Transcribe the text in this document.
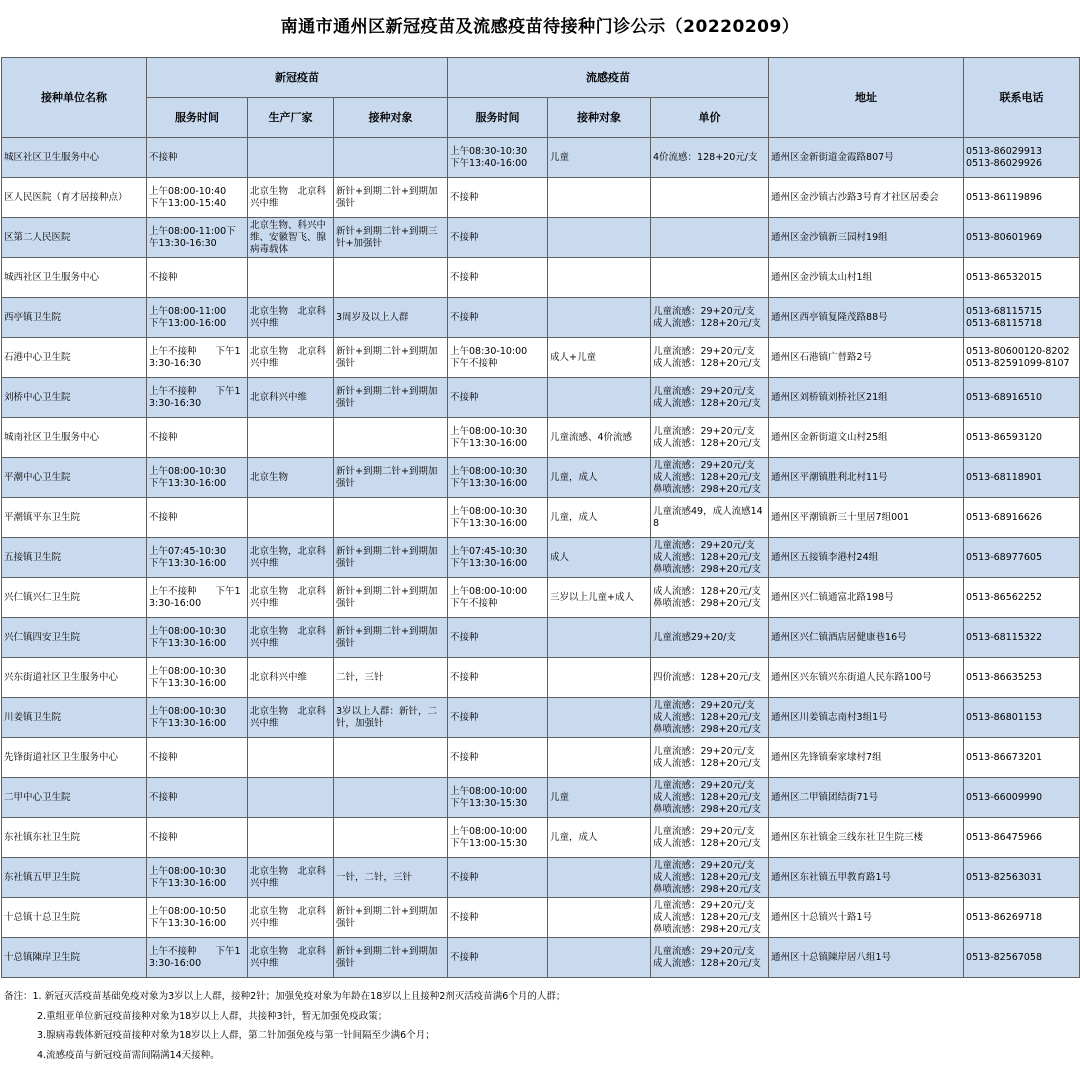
南通市通州区新冠疫苗及流感疫苗待接种门诊公示（20220209）
接种单位名称	新冠疫苗			流感疫苗			地址	联系电话
	服务时间	生产厂家	接种对象	服务时间	接种对象	单价		
城区社区卫生服务中心	不接种			上午08:30-10:30
下午13:40-16:00	儿童	4价流感：128+20元/支	通州区金新街道金霞路807号	0513-86029913
0513-86029926
区人民医院（育才居接种点）	上午08:00-10:40
下午13:00-15:40	北京生物　北京科兴中维	新针+到期二针+到期加强针	不接种			通州区金沙镇古沙路3号育才社区居委会	0513-86119896
区第二人民医院	上午08:00-11:00下午13:30-16:30	北京生物、科兴中维、安徽智飞、腺病毒载体	新针+到期二针+到期三针+加强针	不接种			通州区金沙镇新三园村19组	0513-80601969
城西社区卫生服务中心	不接种			不接种			通州区金沙镇太山村1组	0513-86532015
西亭镇卫生院	上午08:00-11:00
下午13:00-16:00	北京生物　北京科兴中维	3周岁及以上人群	不接种		儿童流感：29+20元/支
成人流感：128+20元/支	通州区西亭镇复隆茂路88号	0513-68115715
0513-68115718
石港中心卫生院	上午不接种　　下午13:30-16:30	北京生物　北京科兴中维	新针+到期二针+到期加强针	上午08:30-10:00
下午不接种	成人+儿童	儿童流感：29+20元/支
成人流感：128+20元/支	通州区石港镇广替路2号	0513-80600120-8202
0513-82591099-8107
刘桥中心卫生院	上午不接种　　下午13:30-16:30	北京科兴中维	新针+到期二针+到期加强针	不接种		儿童流感：29+20元/支
成人流感：128+20元/支	通州区刘桥镇刘桥社区21组	0513-68916510
城南社区卫生服务中心	不接种			上午08:00-10:30
下午13:30-16:00	儿童流感、4价流感	儿童流感：29+20元/支
成人流感：128+20元/支	通州区金新街道文山村25组	0513-86593120
平潮中心卫生院	上午08:00-10:30
下午13:30-16:00	北京生物	新针+到期二针+到期加强针	上午08:00-10:30
下午13:30-16:00	儿童，成人	儿童流感：29+20元/支
成人流感：128+20元/支
鼻喷流感：298+20元/支	通州区平潮镇胜利北村11号	0513-68118901
平潮镇平东卫生院	不接种			上午08:00-10:30
下午13:30-16:00	儿童，成人	儿童流感49，成人流感148	通州区平潮镇新三十里居7组001	0513-68916626
五接镇卫生院	上午07:45-10:30
下午13:30-16:00	北京生物，北京科兴中维	新针+到期二针+到期加强针	上午07:45-10:30
下午13:30-16:00	成人	儿童流感：29+20元/支
成人流感：128+20元/支
鼻喷流感：298+20元/支	通州区五接镇李港村24组	0513-68977605
兴仁镇兴仁卫生院	上午不接种　　下午13:30-16:00	北京生物　北京科兴中维	新针+到期二针+到期加强针	上午08:00-10:00
下午不接种	三岁以上儿童+成人	成人流感：128+20元/支
鼻喷流感：298+20元/支	通州区兴仁镇通富北路198号	0513-86562252
兴仁镇四安卫生院	上午08:00-10:30
下午13:30-16:00	北京生物　北京科兴中维	新针+到期二针+到期加强针	不接种		儿童流感29+20/支	通州区兴仁镇酒店居健康巷16号	0513-68115322
兴东街道社区卫生服务中心	上午08:00-10:30
下午13:30-16:00	北京科兴中维	二针，三针	不接种		四价流感：128+20元/支	通州区兴东镇兴东街道人民东路100号	0513-86635253
川姜镇卫生院	上午08:00-10:30
下午13:30-16:00	北京生物　北京科兴中维	3岁以上人群：新针，二针，加强针	不接种		儿童流感：29+20元/支
成人流感：128+20元/支
鼻喷流感：298+20元/支	通州区川姜镇志南村3组1号	0513-86801153
先锋街道社区卫生服务中心	不接种			不接种		儿童流感：29+20元/支
成人流感：128+20元/支	通州区先锋镇秦家埭村7组	0513-86673201
二甲中心卫生院	不接种			上午08:00-10:00
下午13:30-15:30	儿童	儿童流感：29+20元/支
成人流感：128+20元/支
鼻喷流感：298+20元/支	通州区二甲镇团结街71号	0513-66009990
东社镇东社卫生院	不接种			上午08:00-10:00
下午13:00-15:30	儿童，成人	儿童流感：29+20元/支
成人流感：128+20元/支	通州区东社镇金三线东社卫生院三楼	0513-86475966
东社镇五甲卫生院	上午08:00-10:30
下午13:30-16:00	北京生物　北京科兴中维	一针，二针，三针	不接种		儿童流感：29+20元/支
成人流感：128+20元/支
鼻喷流感：298+20元/支	通州区东社镇五甲教育路1号	0513-82563031
十总镇十总卫生院	上午08:00-10:50
下午13:30-16:00	北京生物　北京科兴中维	新针+到期二针+到期加强针	不接种		儿童流感：29+20元/支
成人流感：128+20元/支
鼻喷流感：298+20元/支	通州区十总镇兴十路1号	0513-86269718
十总镇陳岸卫生院	上午不接种　　下午13:30-16:00	北京生物　北京科兴中维	新针+到期二针+到期加强针	不接种		儿童流感：29+20元/支
成人流感：128+20元/支	通州区十总镇陳岸居八组1号	0513-82567058
备注：1. 新冠灭活疫苗基础免疫对象为3岁以上人群，接种2针；加强免疫对象为年龄在18岁以上且接种2剂灭活疫苗满6个月的人群；
2.重组亚单位新冠疫苗接种对象为18岁以上人群，共接种3针，暂无加强免疫政策；
3.腺病毒载体新冠疫苗接种对象为18岁以上人群，第二针加强免疫与第一针间隔至少满6个月；
4.流感疫苗与新冠疫苗需间隔满14天接种。
